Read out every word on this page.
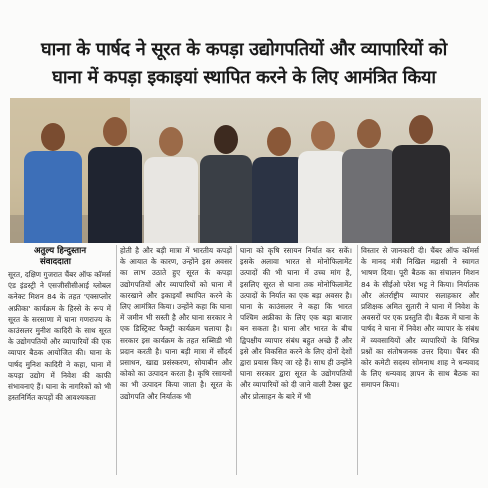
घाना के पार्षद ने सूरत के कपड़ा उद्योगपतियों और व्यापारियों को
घाना में कपड़ा इकाइयां स्थापित करने के लिए आमंत्रित किया
अतुल्य हिन्दुस्तान
संवाददाता

सूरत, दक्षिण गुजरात चैंबर ऑफ कॉमर्स एंड इंडस्ट्री ने एसजीसीसीआई ग्लोबल कनेक्ट मिशन 84 के तहत 'एक्सप्लोर अफ्रीका' कार्यक्रम के हिस्से के रूप में सूरत के सरसाणा में घाना गणराज्य के काउंसलर मुनीश कादिरी के साथ सूरत के उद्योगपतियों और व्यापारियों की एक व्यापार बैठक आयोजित की। घाना के पार्षद मुनिश कादिरी ने कहा, घाना में कपड़ा उद्योग में निवेश की काफी संभावनाएं हैं। घाना के नागरिकों को भी हस्तनिर्मित कपड़ों की आवश्यकता

होती है और बड़ी मात्रा में भारतीय कपड़ों के आयात के कारण, उन्होंने इस अवसर का लाभ उठाते हुए सूरत के कपड़ा उद्योगपतियों और व्यापारियों को घाना में कारखाने और इकाइयाँ स्थापित करने के लिए आमंत्रित किया। उन्होंने कहा कि घाना में जमीन भी सस्ती है और घाना सरकार ने एक डिस्ट्रिक्ट फैक्ट्री कार्यक्रम चलाया है। सरकार इस कार्यक्रम के तहत सब्सिडी भी प्रदान करती है। घाना बड़ी मात्रा में सौंदर्य प्रसाधन, खाद्य प्रसंस्करण, सोयाबीन और कोको का उत्पादन करता है। कृषि रसायनों का भी उत्पादन किया जाता है। सूरत के उद्योगपति और निर्यातक भी

घाना को कृषि रसायन निर्यात कर सकें। इसके अलावा भारत से मोनोफिलामेंट उत्पादों की भी घाना में उच्च मांग है, इसलिए सूरत से घाना तक मोनोफिलामेंट उत्पादों के निर्यात का एक बड़ा अवसर है। घाना के काउंसलर ने कहा कि भारत पश्चिम अफ्रीका के लिए एक बड़ा बाजार बन सकता है। घाना और भारत के बीच द्विपक्षीय व्यापार संबंध बहुत अच्छे हैं और इसे और विकसित करने के लिए दोनों देशों द्वारा प्रयास किए जा रहे हैं। साथ ही उन्होंने घाना सरकार द्वारा सूरत के उद्योगपतियों और व्यापारियों को दी जाने वाली टैक्स छूट और प्रोत्साहन के बारे में भी

विस्तार से जानकारी दी। चैंबर ऑफ कॉमर्स के मानद मंत्री निखिल मद्रासी ने स्वागत भाषण दिया। पूरी बैठक का संचालन मिशन 84 के सीईओ परेश भट्ट ने किया। निर्यातक और अंतर्राष्ट्रीय व्यापार सलाहकार और प्रशिक्षक अमित सुतारी ने घाना में निवेश के अवसरों पर एक प्रस्तुति दी। बैठक में घाना के पार्षद ने घाना में निवेश और व्यापार के संबंध में व्यवसायियों और व्यापारियों के विभिन्न प्रश्नों का संतोषजनक उत्तर दिया। चैंबर की कोर कमेटी सदस्य सोमनाथ शाह ने धन्यवाद के लिए धन्यवाद ज्ञापन के साथ बैठक का समापन किया।
